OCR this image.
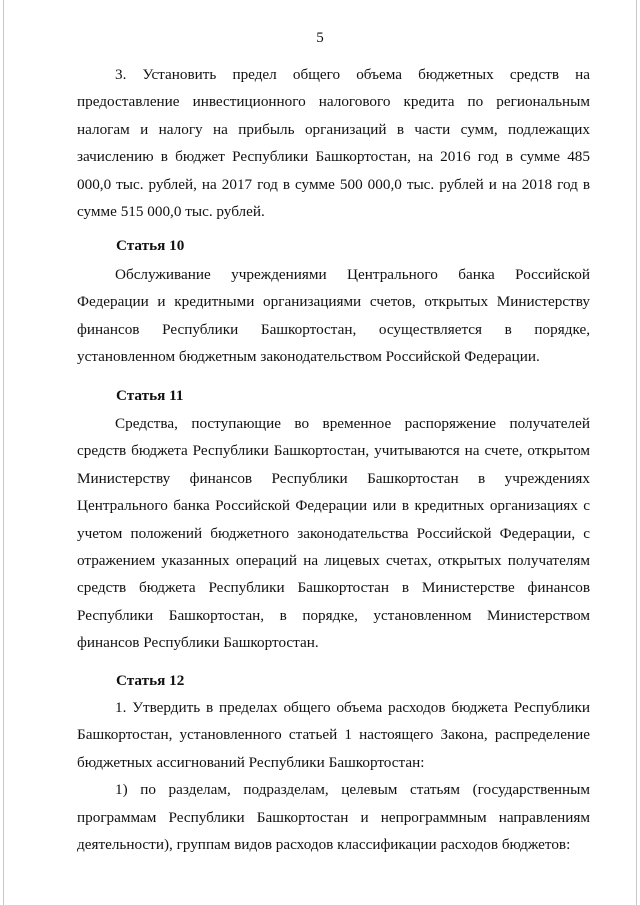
5

3. Установить предел общего объема бюджетных средств на предоставление инвестиционного налогового кредита по региональным налогам и налогу на прибыль организаций в части сумм, подлежащих зачислению в бюджет Республики Башкортостан, на 2016 год в сумме 485 000,0 тыс. рублей, на 2017 год в сумме 500 000,0 тыс. рублей и на 2018 год в сумме 515 000,0 тыс. рублей.

Статья 10

Обслуживание учреждениями Центрального банка Российской Федерации и кредитными организациями счетов, открытых Министерству финансов Республики Башкортостан, осуществляется в порядке, установленном бюджетным законодательством Российской Федерации.

Статья 11

Средства, поступающие во временное распоряжение получателей средств бюджета Республики Башкортостан, учитываются на счете, открытом Министерству финансов Республики Башкортостан в учреждениях Центрального банка Российской Федерации или в кредитных организациях с учетом положений бюджетного законодательства Российской Федерации, с отражением указанных операций на лицевых счетах, открытых получателям средств бюджета Республики Башкортостан в Министерстве финансов Республики Башкортостан, в порядке, установленном Министерством финансов Республики Башкортостан.

Статья 12

1. Утвердить в пределах общего объема расходов бюджета Республики Башкортостан, установленного статьей 1 настоящего Закона, распределение бюджетных ассигнований Республики Башкортостан:

1) по разделам, подразделам, целевым статьям (государственным программам Республики Башкортостан и непрограммным направлениям деятельности), группам видов расходов классификации расходов бюджетов:
